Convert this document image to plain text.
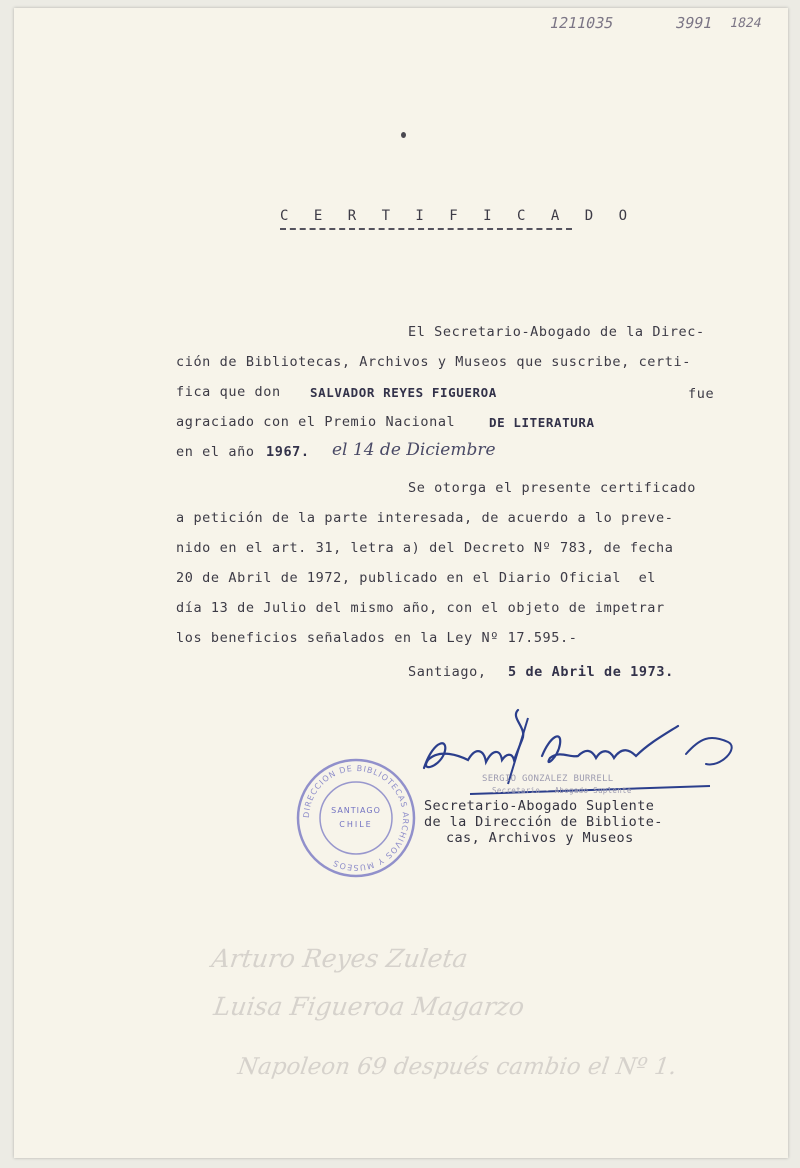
1211035	3991 1824
C E R T I F I C A D O
El Secretario-Abogado de la Direc-
ción de Bibliotecas, Archivos y Museos que suscribe, certi-
fica que don SALVADOR REYES FIGUEROA	fue
agraciado con el Premio Nacional	DE LITERATURA
en el año 1967. el 14 de Diciembre
Se otorga el presente certificado
a petición de la parte interesada, de acuerdo a lo preve-
nido en el art. 31, letra a) del Decreto Nº 783, de fecha
20 de Abril de 1972, publicado en el Diario Oficial  el
día 13 de Julio del mismo año, con el objeto de impetrar
los beneficios señalados en la Ley Nº 17.595.-
Santiago, 5 de Abril de 1973.
SERGIO GONZALEZ BURRELL
Secretario - Abogado Suplente
Secretario-Abogado Suplente
de la Dirección de Bibliote-
cas, Archivos y Museos
DIRECCION DE BIBLIOTECAS ARCHIVOS Y MUSEOS
SANTIAGO
CHILE
Arturo Reyes Zuleta
Luisa Figueroa Magarzo
Napoleon 69 después cambio el Nº 1.
